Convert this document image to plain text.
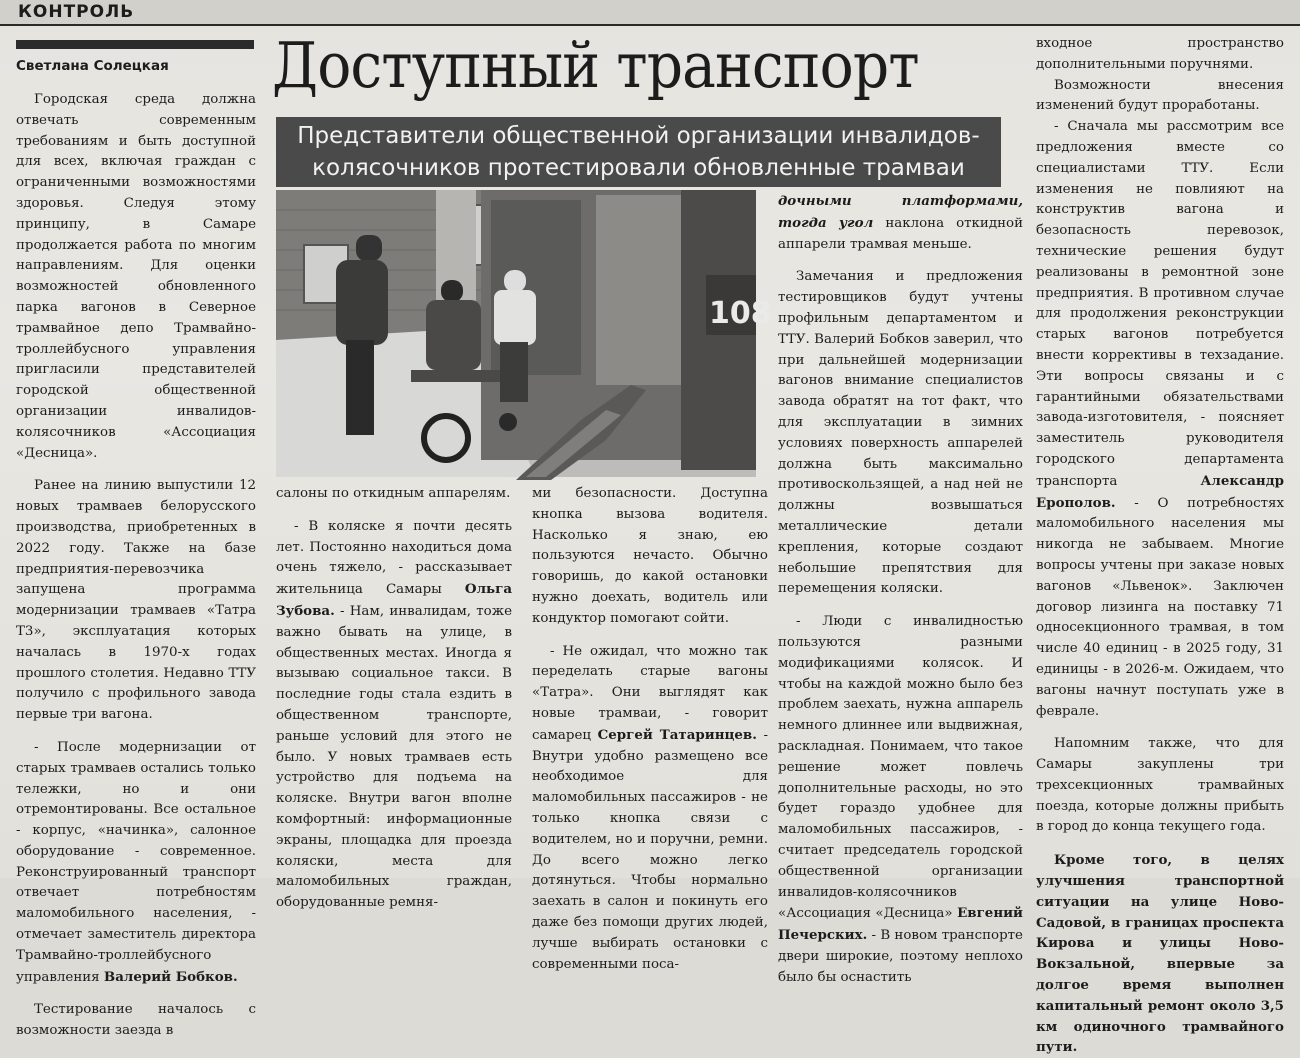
КОНТРОЛЬ
Светлана Солецкая Доступный транспорт
Представители общественной организации инвалидов-
колясочников протестировали обновленные трамваи

Городская среда должна отвечать современным требованиям и быть доступной для всех, включая граждан с ограниченными возможностями здоровья. Следуя этому принципу, в Самаре продолжается работа по многим направлениям. Для оценки возможностей обновленного парка вагонов в Северное трамвайное депо Трамвайно-троллейбусного управления пригласили представителей городской общественной организации инвалидов-колясочников «Ассоциация «Десница».

Ранее на линию выпустили 12 новых трамваев белорусского производства, приобретенных в 2022 году. Также на базе предприятия-перевозчика запущена программа модернизации трамваев «Татра Т3», эксплуатация которых началась в 1970-х годах прошлого столетия. Недавно ТТУ получило с профильного завода первые три вагона.

- После модернизации от старых трамваев остались только тележки, но и они отремонтированы. Все остальное - корпус, «начинка», салонное оборудование - современное. Реконструированный транспорт отвечает потребностям маломобильного населения, - отмечает заместитель директора Трамвайно-троллейбусного управления Валерий Бобков.

Тестирование началось с возможности заезда в

108

салоны по откидным аппарелям.

- В коляске я почти десять лет. Постоянно находиться дома очень тяжело, - рассказывает жительница Самары Ольга Зубова. - Нам, инвалидам, тоже важно бывать на улице, в общественных местах. Иногда я вызываю социальное такси. В последние годы стала ездить в общественном транспорте, раньше условий для этого не было. У новых трамваев есть устройство для подъема на коляске. Внутри вагон вполне комфортный: информационные экраны, площадка для проезда коляски, места для маломобильных граждан, оборудованные ремня-

ми безопасности. Доступна кнопка вызова водителя. Насколько я знаю, ею пользуются нечасто. Обычно говоришь, до какой остановки нужно доехать, водитель или кондуктор помогают сойти.

- Не ожидал, что можно так переделать старые вагоны «Татра». Они выглядят как новые трамваи, - говорит самарец Сергей Татаринцев. - Внутри удобно размещено все необходимое для маломобильных пассажиров - не только кнопка связи с водителем, но и поручни, ремни. До всего можно легко дотянуться. Чтобы нормально заехать в салон и покинуть его даже без помощи других людей, лучше выбирать остановки с современными поса-

дочными платформами, тогда угол наклона откидной аппарели трамвая меньше.

Замечания и предложения тестировщиков будут учтены профильным департаментом и ТТУ. Валерий Бобков заверил, что при дальнейшей модернизации вагонов внимание специалистов завода обратят на тот факт, что для эксплуатации в зимних условиях поверхность аппарелей должна быть максимально противоскользящей, а над ней не должны возвышаться металлические детали крепления, которые создают небольшие препятствия для перемещения коляски.

- Люди с инвалидностью пользуются разными модификациями колясок. И чтобы на каждой можно было без проблем заехать, нужна аппарель немного длиннее или выдвижная, раскладная. Понимаем, что такое решение может повлечь дополнительные расходы, но это будет гораздо удобнее для маломобильных пассажиров, - считает председатель городской общественной организации инвалидов-колясочников «Ассоциация «Десница» Евгений Печерских. - В новом транспорте двери широкие, поэтому неплохо было бы оснастить

входное пространство дополнительными поручнями.

Возможности внесения изменений будут проработаны.

- Сначала мы рассмотрим все предложения вместе со специалистами ТТУ. Если изменения не повлияют на конструктив вагона и безопасность перевозок, технические решения будут реализованы в ремонтной зоне предприятия. В противном случае для продолжения реконструкции старых вагонов потребуется внести коррективы в техзадание. Эти вопросы связаны и с гарантийными обязательствами завода-изготовителя, - поясняет заместитель руководителя городского департамента транспорта Александр Ерополов. - О потребностях маломобильного населения мы никогда не забываем. Многие вопросы учтены при заказе новых вагонов «Львенок». Заключен договор лизинга на поставку 71 односекционного трамвая, в том числе 40 единиц - в 2025 году, 31 единицы - в 2026-м. Ожидаем, что вагоны начнут поступать уже в феврале.

Напомним также, что для Самары закуплены три трехсекционных трамвайных поезда, которые должны прибыть в город до конца текущего года.

Кроме того, в целях улучшения транспортной ситуации на улице Ново-Садовой, в границах проспекта Кирова и улицы Ново-Вокзальной, впервые за долгое время выполнен капитальный ремонт около 3,5 км одиночного трамвайного пути.
